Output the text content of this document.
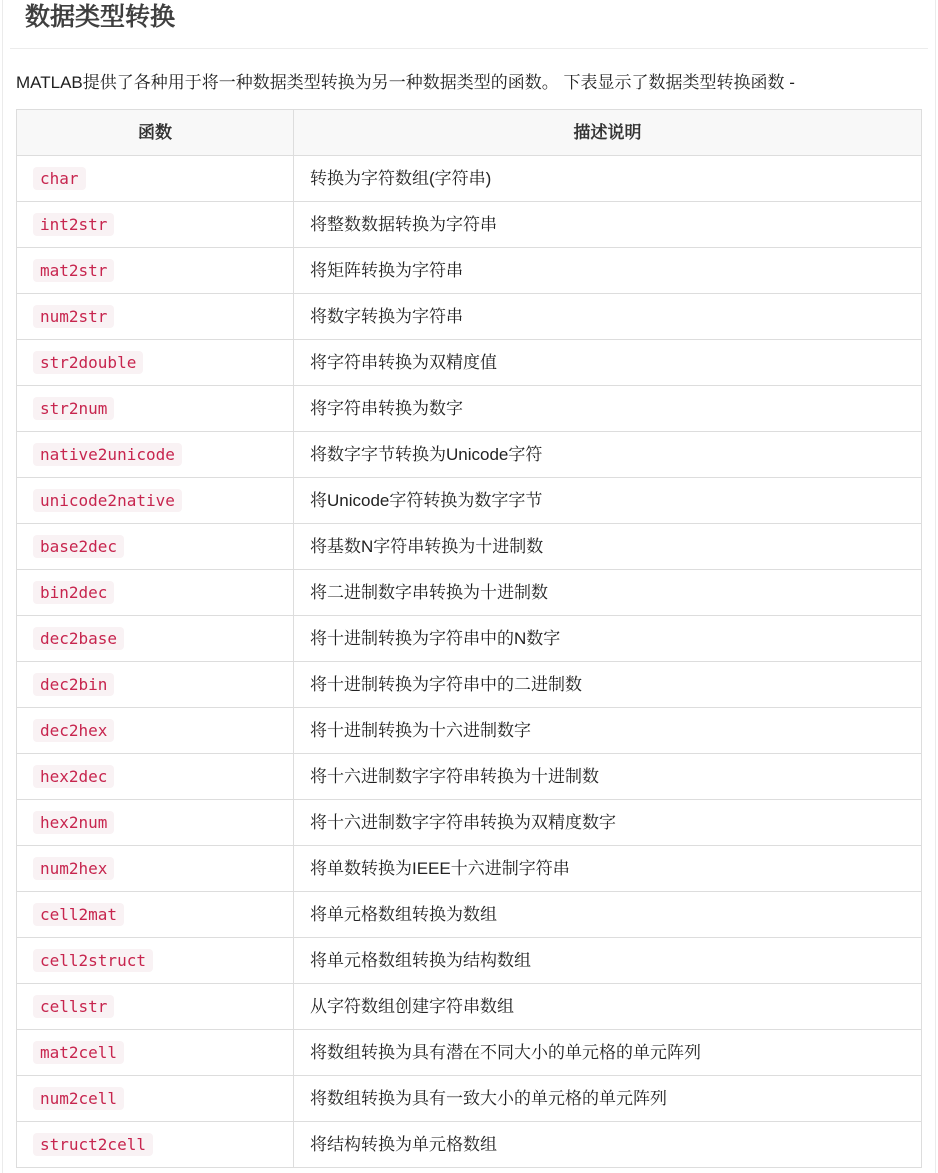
数据类型转换

MATLAB提供了各种用于将一种数据类型转换为另一种数据类型的函数。 下表显示了数据类型转换函数 -

函数	描述说明
char	转换为字符数组(字符串)
int2str	将整数数据转换为字符串
mat2str	将矩阵转换为字符串
num2str	将数字转换为字符串
str2double	将字符串转换为双精度值
str2num	将字符串转换为数字
native2unicode	将数字字节转换为Unicode字符
unicode2native	将Unicode字符转换为数字字节
base2dec	将基数N字符串转换为十进制数
bin2dec	将二进制数字串转换为十进制数
dec2base	将十进制转换为字符串中的N数字
dec2bin	将十进制转换为字符串中的二进制数
dec2hex	将十进制转换为十六进制数字
hex2dec	将十六进制数字字符串转换为十进制数
hex2num	将十六进制数字字符串转换为双精度数字
num2hex	将单数转换为IEEE十六进制字符串
cell2mat	将单元格数组转换为数组
cell2struct	将单元格数组转换为结构数组
cellstr	从字符数组创建字符串数组
mat2cell	将数组转换为具有潜在不同大小的单元格的单元阵列
num2cell	将数组转换为具有一致大小的单元格的单元阵列
struct2cell	将结构转换为单元格数组
